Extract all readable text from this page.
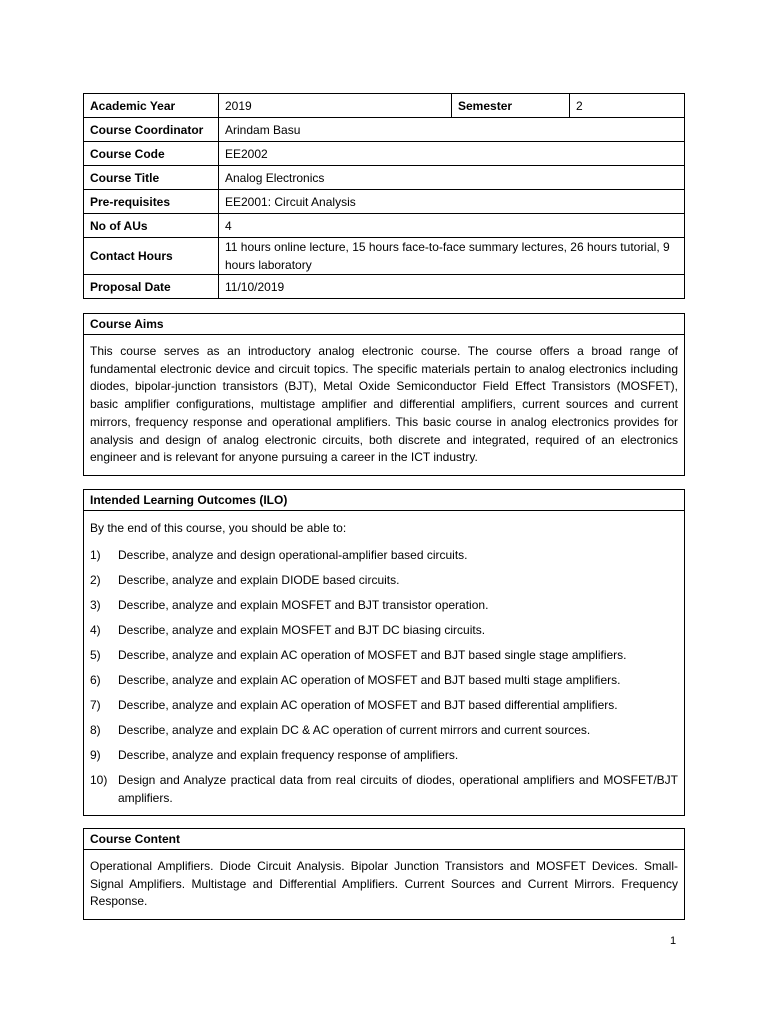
Academic Year	2019	Semester	2
Course Coordinator	Arindam Basu		
Course Code	EE2002		
Course Title	Analog Electronics		
Pre-requisites	EE2001: Circuit Analysis		
No of AUs	4		
Contact Hours	11 hours online lecture, 15 hours face-to-face summary lectures, 26 hours tutorial, 9 hours laboratory		
Proposal Date	11/10/2019		
Course Aims
This course serves as an introductory analog electronic course. The course offers a broad range of fundamental electronic device and circuit topics. The specific materials pertain to analog electronics including diodes, bipolar-junction transistors (BJT), Metal Oxide Semiconductor Field Effect Transistors (MOSFET), basic amplifier configurations, multistage amplifier and differential amplifiers, current sources and current mirrors, frequency response and operational amplifiers. This basic course in analog electronics provides for analysis and design of analog electronic circuits, both discrete and integrated, required of an electronics engineer and is relevant for anyone pursuing a career in the ICT industry.
Intended Learning Outcomes (ILO)
By the end of this course, you should be able to:
1)	Describe, analyze and design operational-amplifier based circuits.
2)	Describe, analyze and explain DIODE based circuits.
3)	Describe, analyze and explain MOSFET and BJT transistor operation.
4)	Describe, analyze and explain MOSFET and BJT DC biasing circuits.
5)	Describe, analyze and explain AC operation of MOSFET and BJT based single stage amplifiers.
6)	Describe, analyze and explain AC operation of MOSFET and BJT based multi stage amplifiers.
7)	Describe, analyze and explain AC operation of MOSFET and BJT based differential amplifiers.
8)	Describe, analyze and explain DC & AC operation of current mirrors and current sources.
9)	Describe, analyze and explain frequency response of amplifiers.
10) Design and Analyze practical data from real circuits of diodes, operational amplifiers and MOSFET/BJT amplifiers.
Course Content
Operational Amplifiers. Diode Circuit Analysis. Bipolar Junction Transistors and MOSFET Devices. Small-Signal Amplifiers. Multistage and Differential Amplifiers. Current Sources and Current Mirrors. Frequency Response.
1
